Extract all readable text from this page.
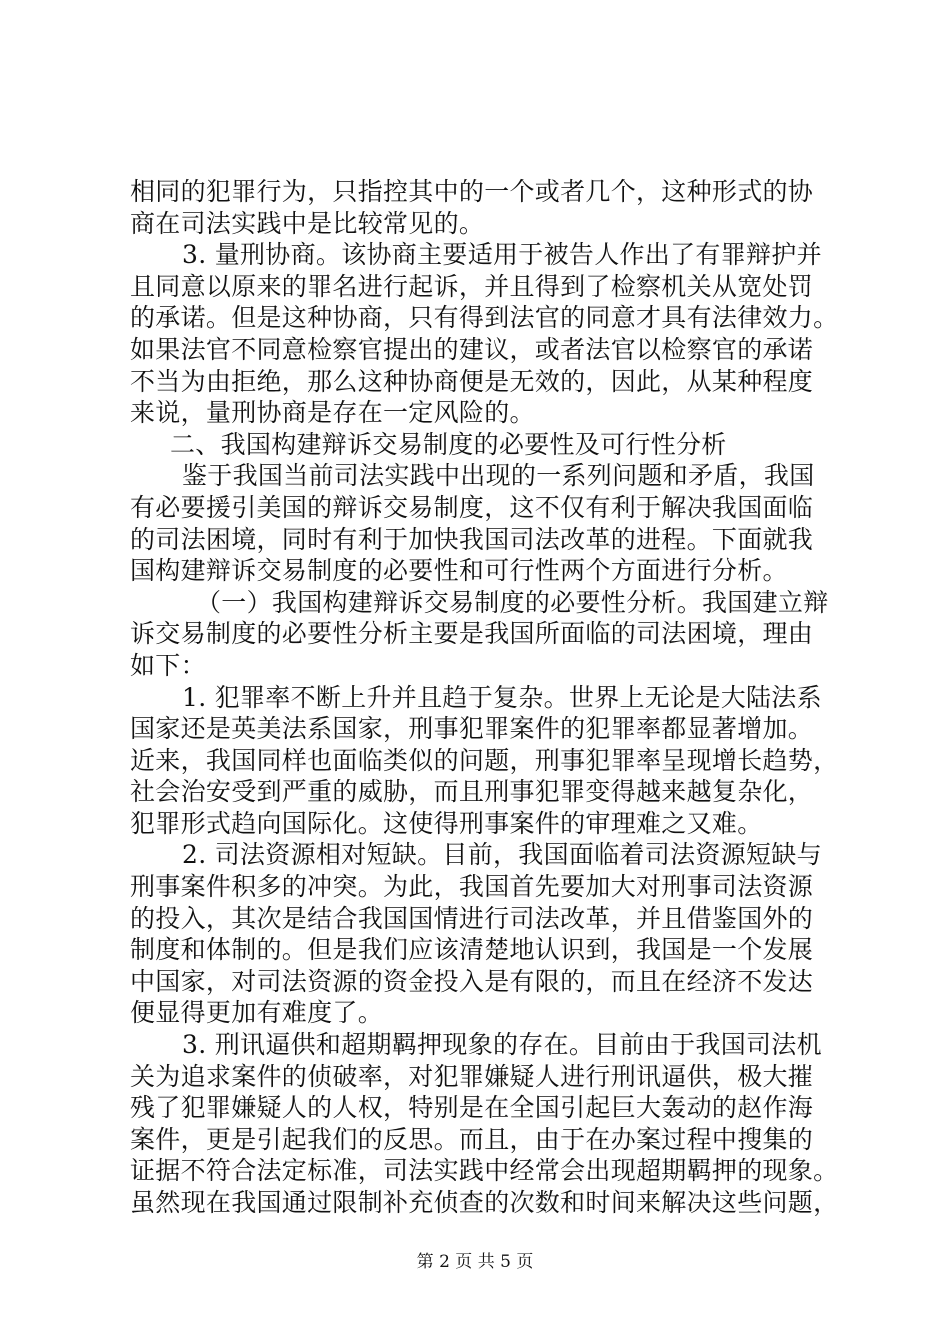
相同的犯罪行为，只指控其中的一个或者几个，这种形式的协
商在司法实践中是比较常见的。
3. 量刑协商。该协商主要适用于被告人作出了有罪辩护并
且同意以原来的罪名进行起诉，并且得到了检察机关从宽处罚
的承诺。但是这种协商，只有得到法官的同意才具有法律效力。
如果法官不同意检察官提出的建议，或者法官以检察官的承诺
不当为由拒绝，那么这种协商便是无效的，因此，从某种程度
来说，量刑协商是存在一定风险的。
二、我国构建辩诉交易制度的必要性及可行性分析
鉴于我国当前司法实践中出现的一系列问题和矛盾，我国
有必要援引美国的辩诉交易制度，这不仅有利于解决我国面临
的司法困境，同时有利于加快我国司法改革的进程。下面就我
国构建辩诉交易制度的必要性和可行性两个方面进行分析。
（一）我国构建辩诉交易制度的必要性分析。我国建立辩
诉交易制度的必要性分析主要是我国所面临的司法困境，理由
如下：
1. 犯罪率不断上升并且趋于复杂。世界上无论是大陆法系
国家还是英美法系国家，刑事犯罪案件的犯罪率都显著增加。
近来，我国同样也面临类似的问题，刑事犯罪率呈现增长趋势，
社会治安受到严重的威胁，而且刑事犯罪变得越来越复杂化，
犯罪形式趋向国际化。这使得刑事案件的审理难之又难。
2. 司法资源相对短缺。目前，我国面临着司法资源短缺与
刑事案件积多的冲突。为此，我国首先要加大对刑事司法资源
的投入，其次是结合我国国情进行司法改革，并且借鉴国外的
制度和体制的。但是我们应该清楚地认识到，我国是一个发展
中国家，对司法资源的资金投入是有限的，而且在经济不发达
便显得更加有难度了。
3. 刑讯逼供和超期羁押现象的存在。目前由于我国司法机
关为追求案件的侦破率，对犯罪嫌疑人进行刑讯逼供，极大摧
残了犯罪嫌疑人的人权，特别是在全国引起巨大轰动的赵作海
案件，更是引起我们的反思。而且，由于在办案过程中搜集的
证据不符合法定标准，司法实践中经常会出现超期羁押的现象。
虽然现在我国通过限制补充侦查的次数和时间来解决这些问题，
第 2 页 共 5 页
